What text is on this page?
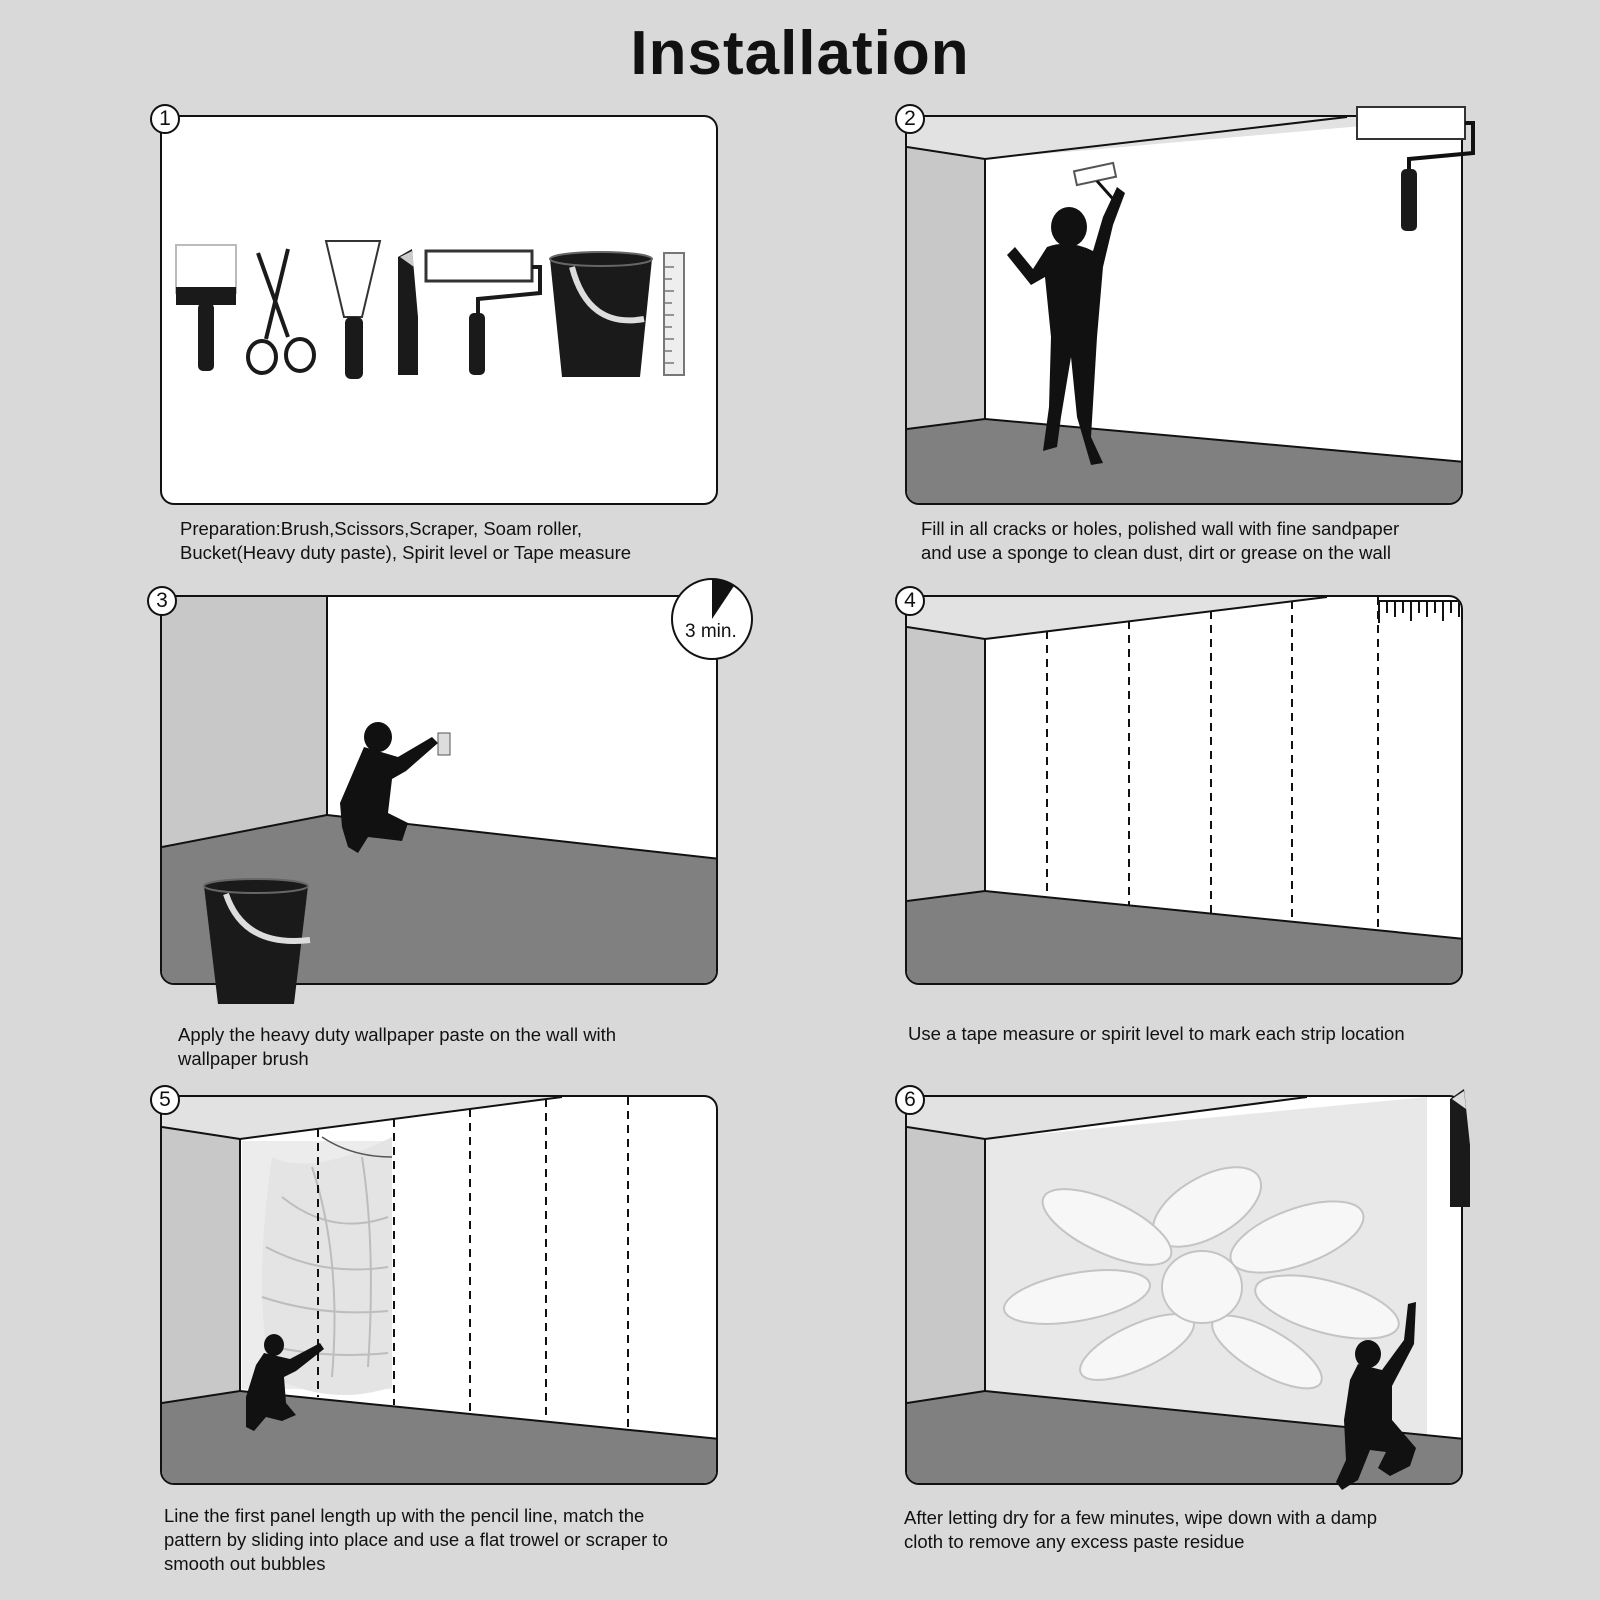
Installation
1
Preparation:Brush,Scissors,Scraper, Soam roller,
Bucket(Heavy duty paste), Spirit level or Tape measure
2
Fill in all cracks or holes, polished wall with fine sandpaper
and use a sponge to clean dust, dirt or grease on the wall
3 min.
3
Apply the heavy duty wallpaper paste on the wall with
wallpaper brush
4
Use a tape measure or spirit level to mark each strip location
5
Line the first panel length up with the pencil line, match the
pattern by sliding into place and use a flat trowel or scraper to
smooth out bubbles
6
After letting dry for a few minutes, wipe down with a damp
cloth to remove any excess paste residue
